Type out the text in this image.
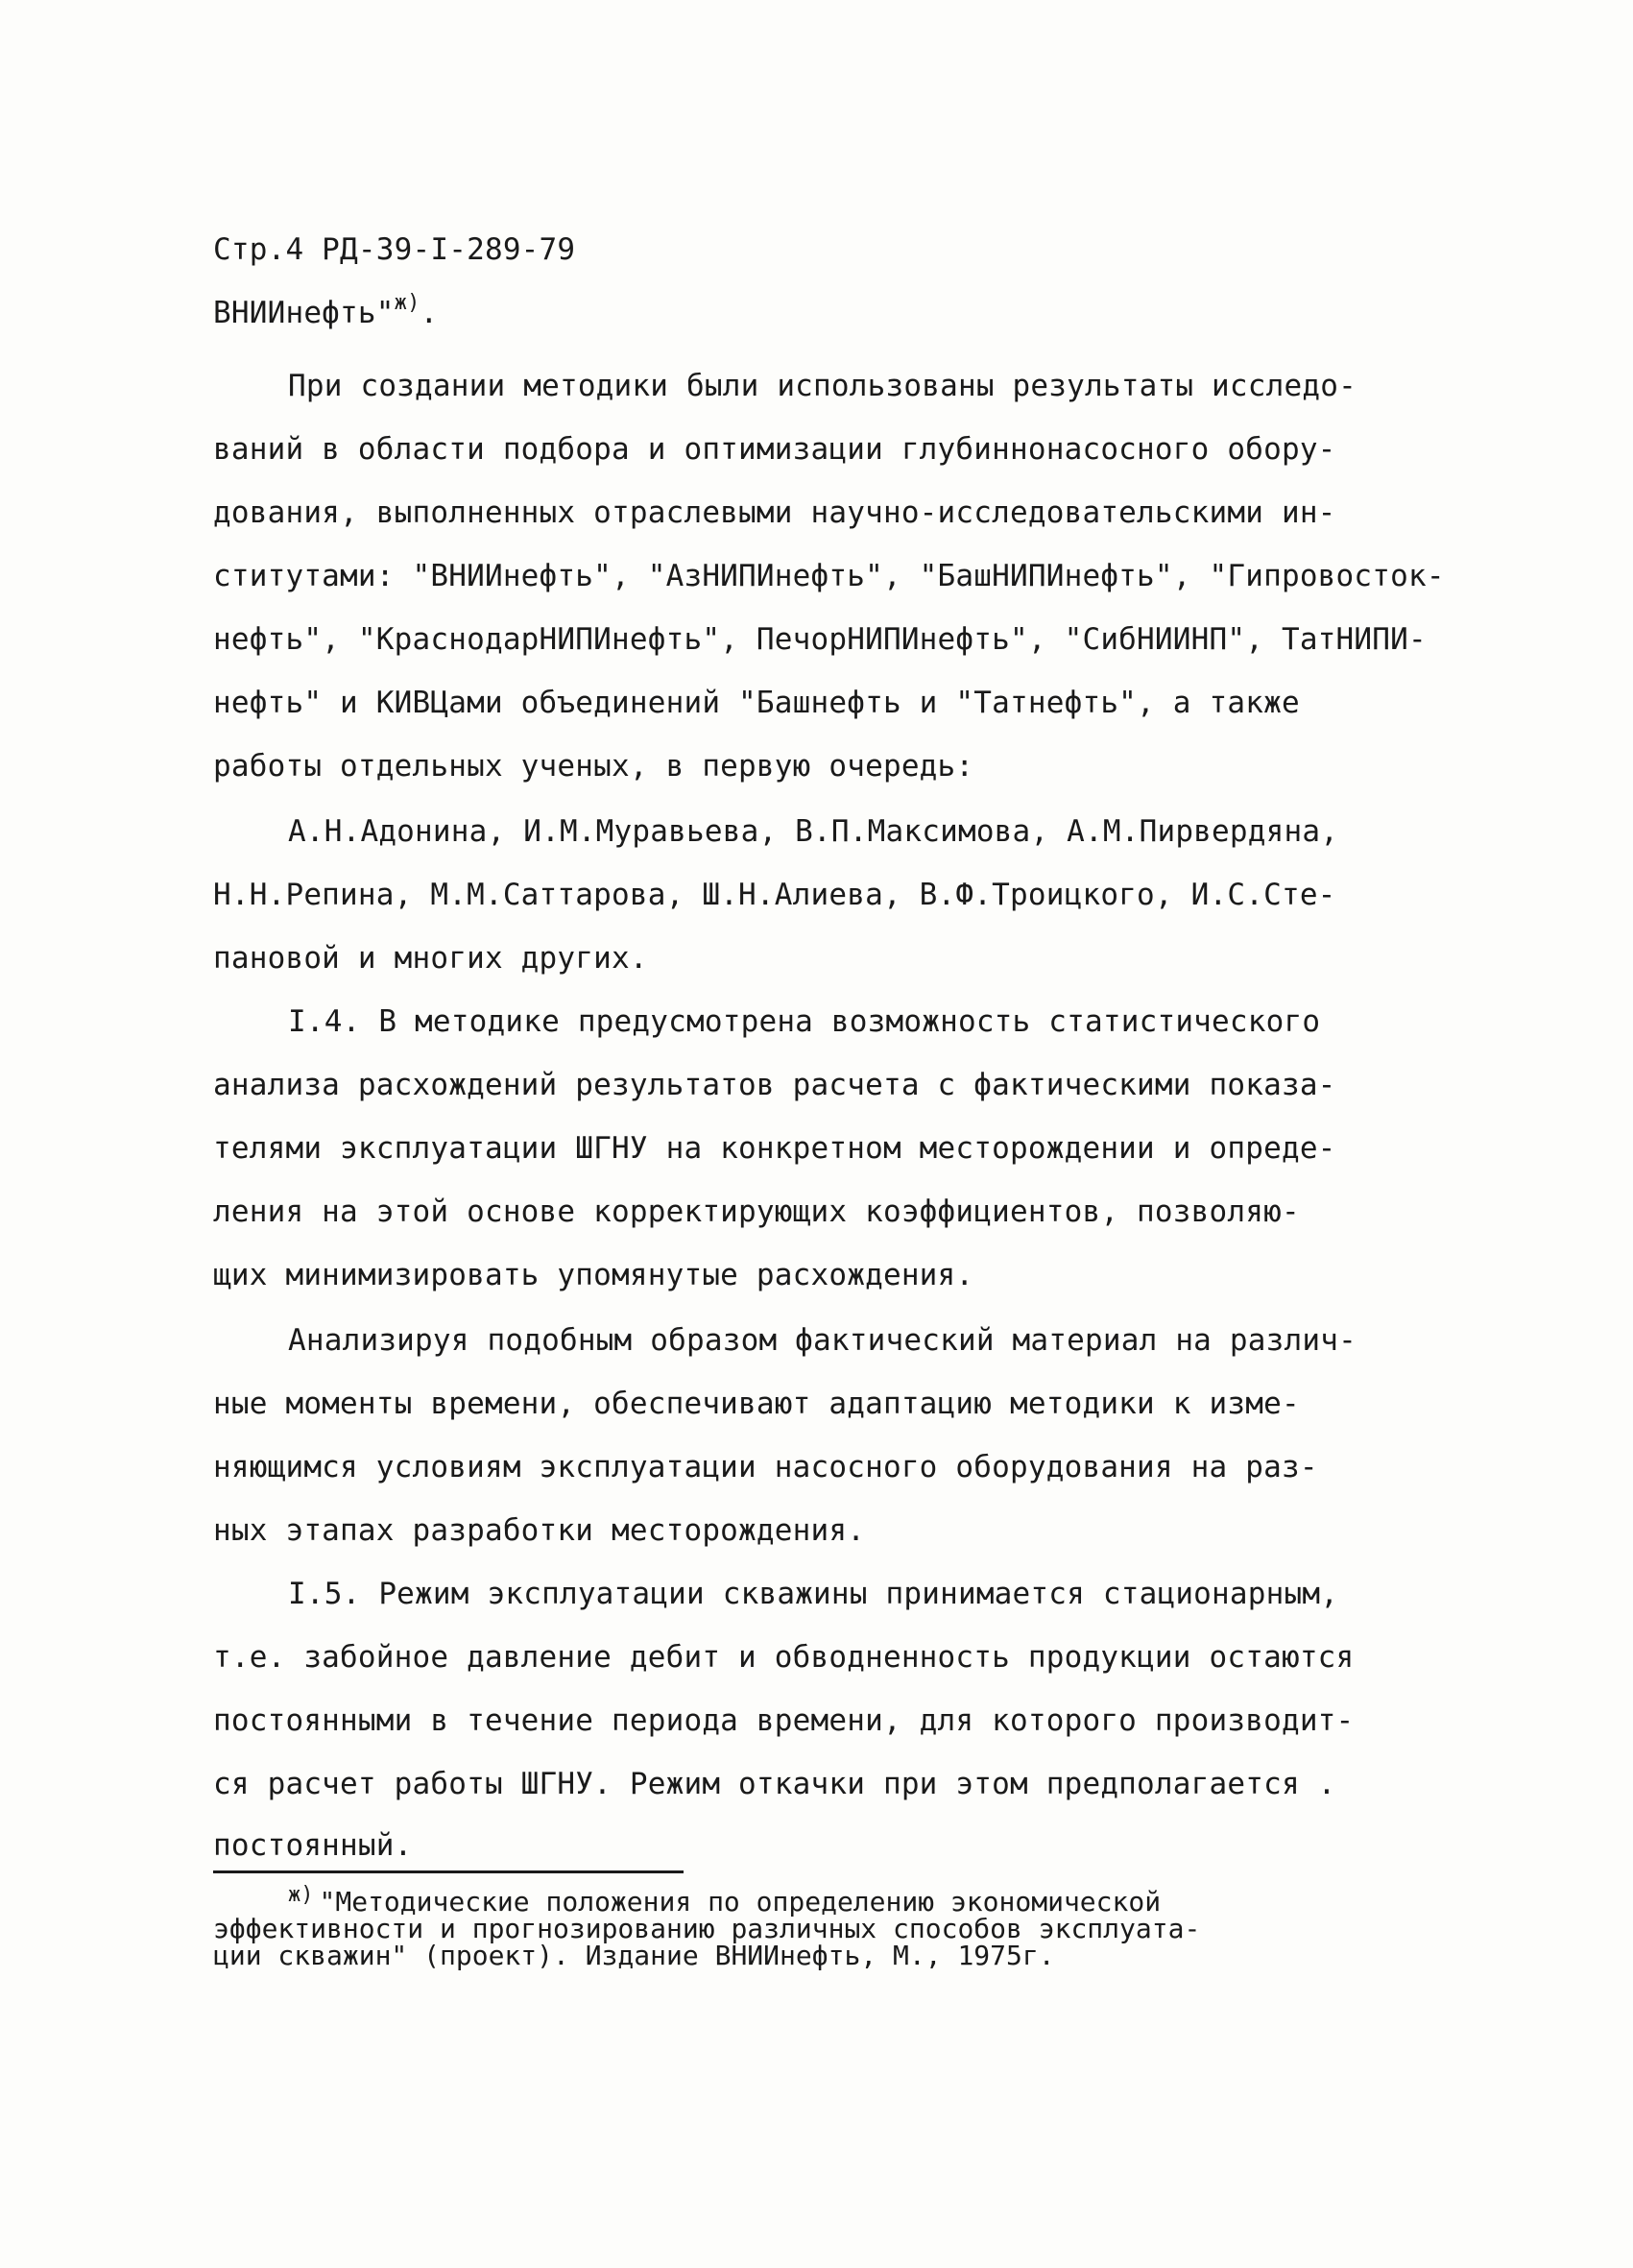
Стр.4 РД-39-I-289-79
ВНИИнефть"$^{ж)}$.
При создании методики были использованы результаты исследо-
ваний в области подбора и оптимизации глубиннонасосного обору-
дования, выполненных отраслевыми научно-исследовательскими ин-
ститутами: "ВНИИнефть", "АзНИПИнефть", "БашНИПИнефть", "Гипровосток-
нефть", "КраснодарНИПИнефть", ПечорНИПИнефть", "СибНИИНП", ТатНИПИ-
нефть" и КИВЦами объединений "Башнефть и "Татнефть", а также
работы отдельных ученых, в первую очередь:
А.Н.Адонина, И.М.Муравьева, В.П.Максимова, А.М.Пирвердяна,
Н.Н.Репина, М.М.Саттарова, Ш.Н.Алиева, В.Ф.Троицкого, И.С.Сте-
пановой и многих других.
I.4. В методике предусмотрена возможность статистического
анализа расхождений результатов расчета с фактическими показа-
телями эксплуатации ШГНУ на конкретном месторождении и опреде-
ления на этой основе корректирующих коэффициентов, позволяю-
щих минимизировать упомянутые расхождения.
Анализируя подобным образом фактический материал на различ-
ные моменты времени, обеспечивают адаптацию методики к изме-
няющимся условиям эксплуатации насосного оборудования на раз-
ных этапах разработки месторождения.
I.5. Режим эксплуатации скважины принимается стационарным,
т.е. забойное давление дебит и обводненность продукции остаются
постоянными в течение периода времени, для которого производит-
ся расчет работы ШГНУ. Режим откачки при этом предполагается .
постоянный.
$^{ж)}$ "Методические положения по определению экономической
эффективности и прогнозированию различных способов эксплуата-
ции скважин" (проект). Издание ВНИИнефть, М., 1975г.
